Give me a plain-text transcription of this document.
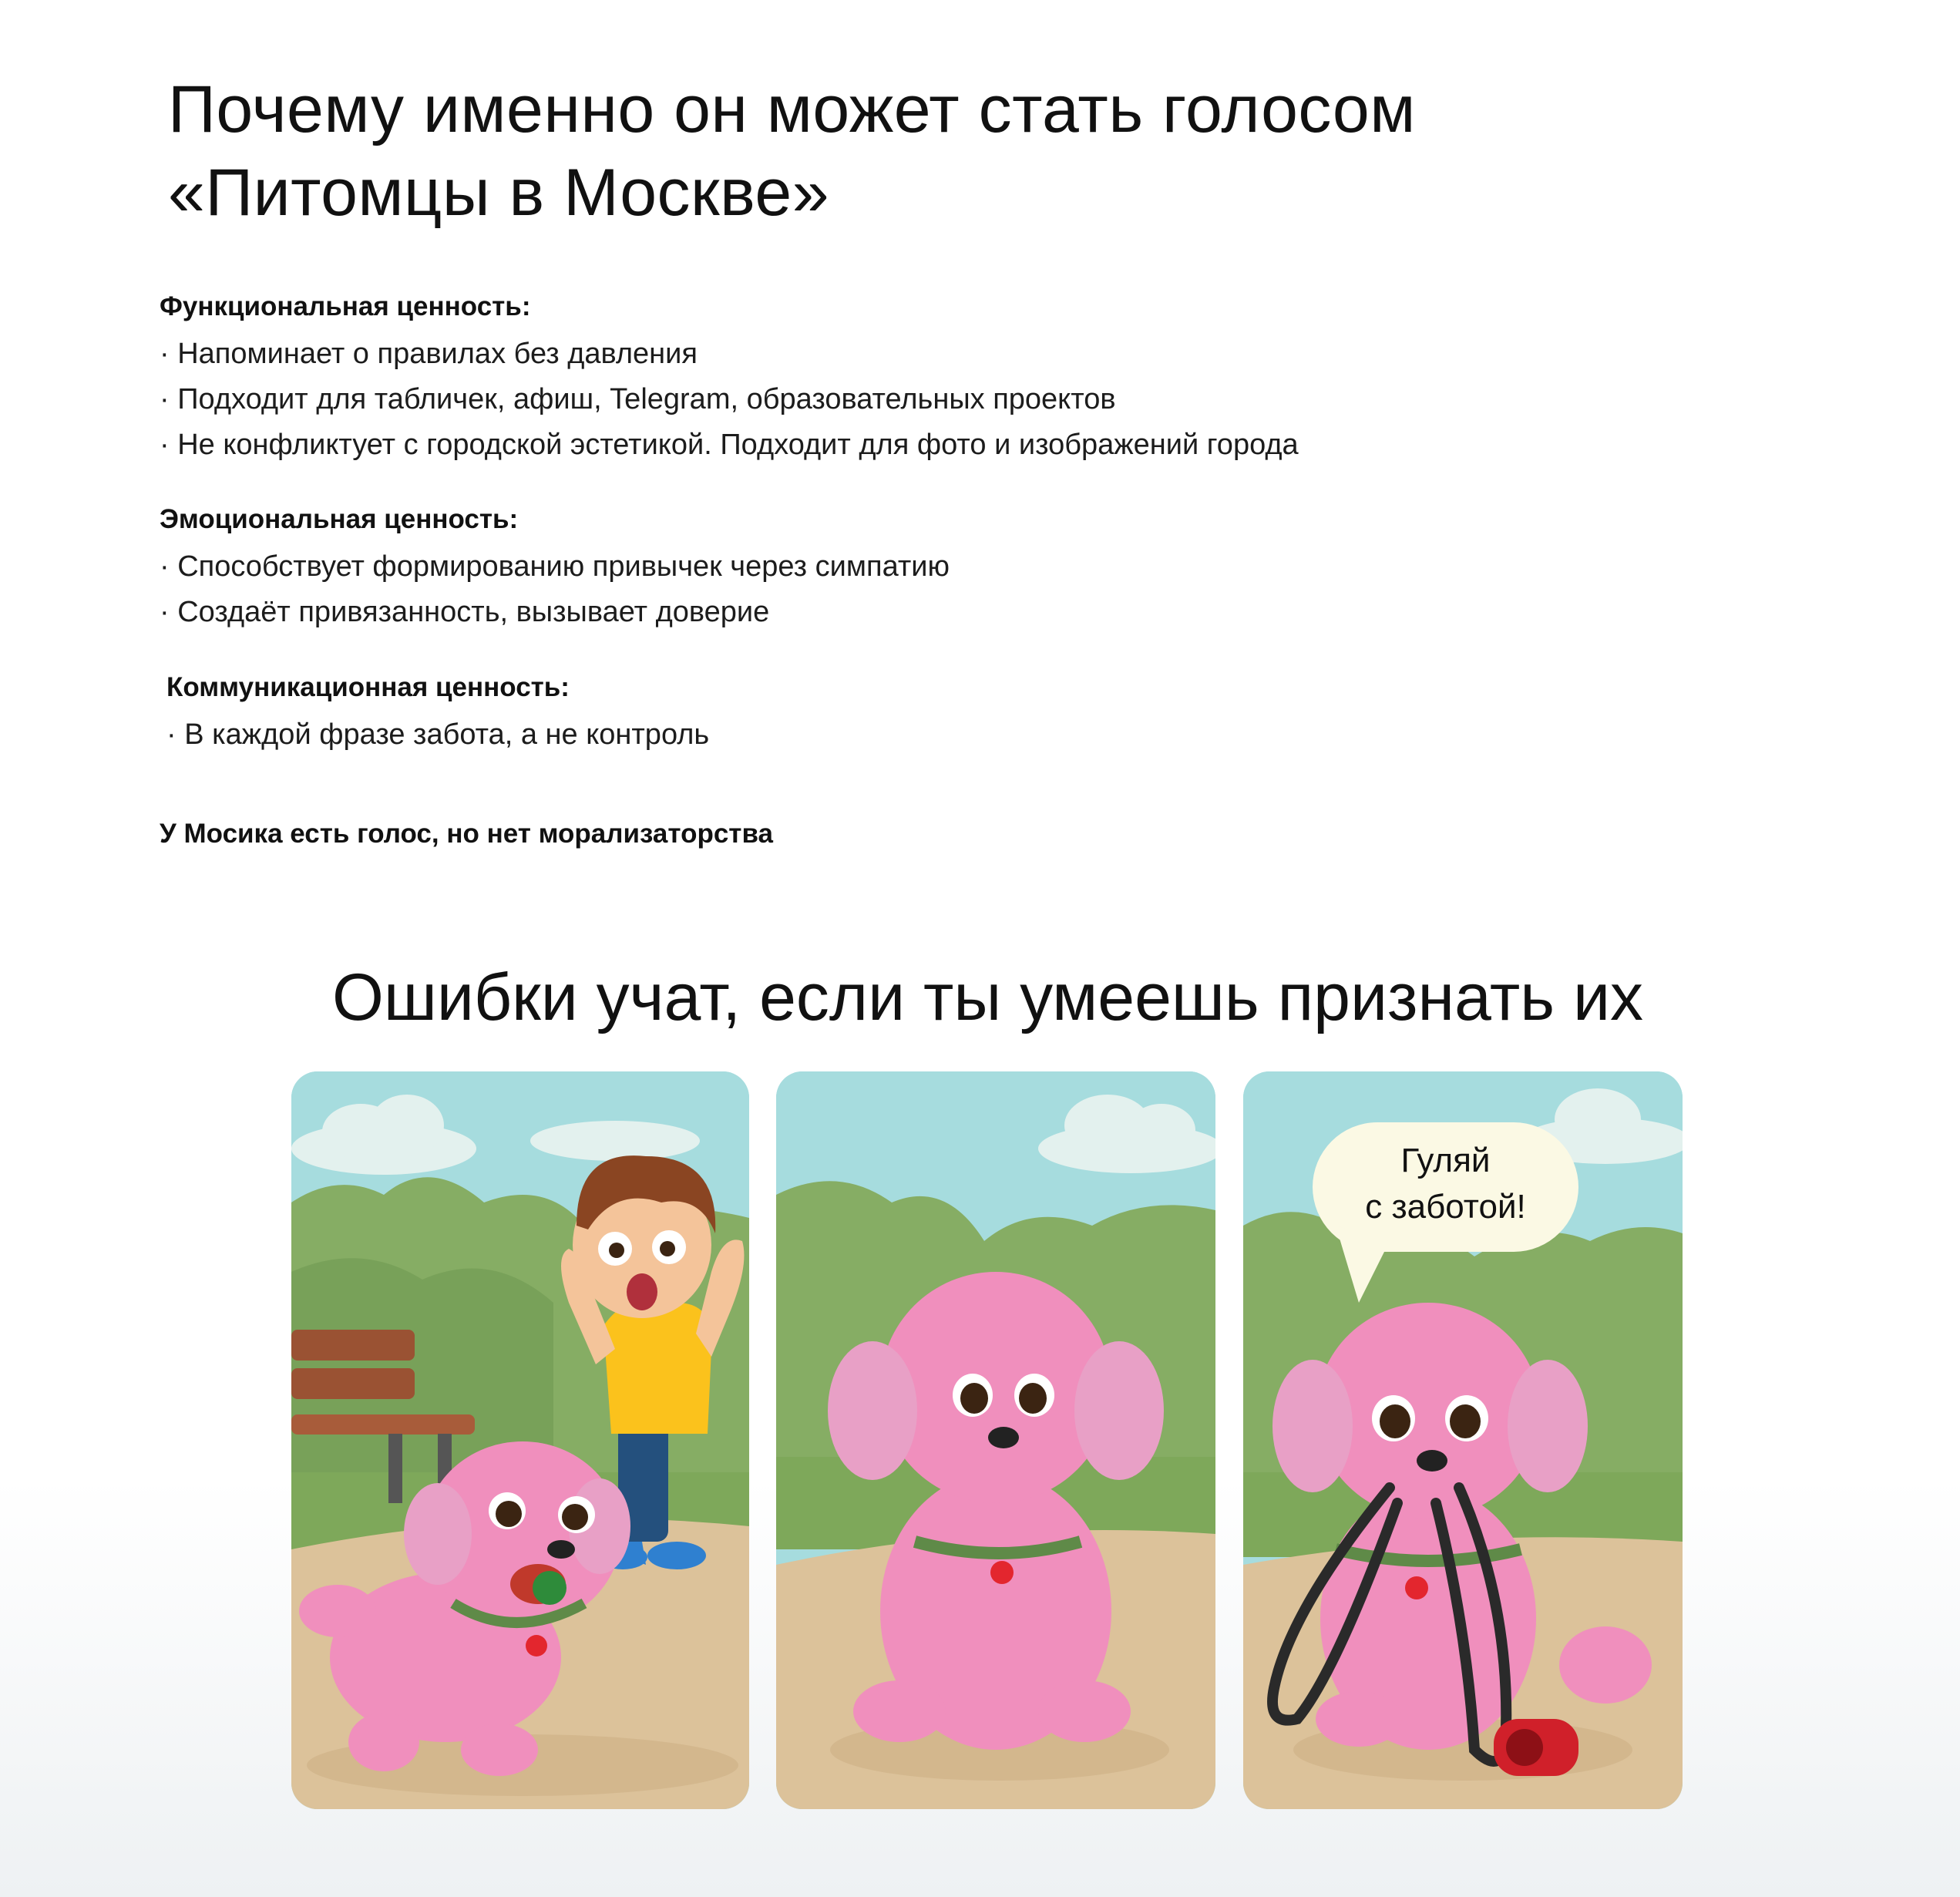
Почему именно он может стать голосом
«Питомцы в Москве»
Функциональная ценность:
· Напоминает о правилах без давления
· Подходит для табличек, афиш, Telegram, образовательных проектов
· Не конфликтует с городской эстетикой. Подходит для фото и изображений города
Эмоциональная ценность:
· Способствует формированию привычек через симпатию
· Создаёт привязанность, вызывает доверие
Коммуникационная ценность:
· В каждой фразе забота, а не контроль
У Мосика есть голос, но нет морализаторства
Ошибки учат, если ты умеешь признать их
Гуляй
с заботой!
